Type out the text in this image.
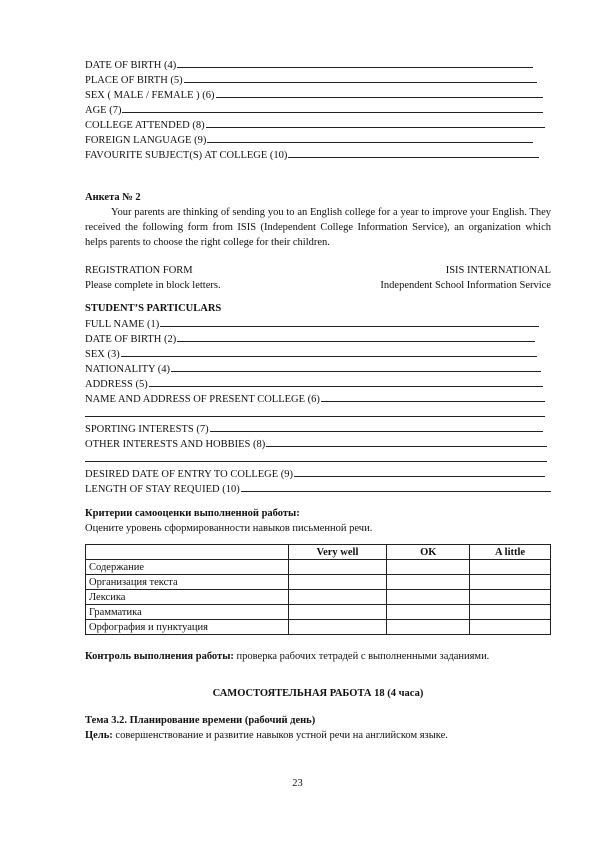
DATE OF BIRTH (4)
PLACE OF BIRTH (5)
SEX ( MALE / FEMALE ) (6)
AGE (7)
COLLEGE ATTENDED (8)
FOREIGN LANGUAGE (9)
FAVOURITE SUBJECT(S) AT COLLEGE (10)
Анкета № 2
Your parents are thinking of sending you to an English college for a year to improve your English. They received the following form from ISIS (Independent College Information Service), an organization which helps parents to choose the right college for their children.
REGISTRATION FORM	ISIS INTERNATIONAL
Please complete in block letters.	Independent School Information Service
STUDENT’S PARTICULARS
FULL NAME (1)
DATE OF BIRTH (2)
SEX (3)
NATIONALITY (4)
ADDRESS (5)
NAME AND ADDRESS OF PRESENT COLLEGE (6)
SPORTING INTERESTS (7)
OTHER INTERESTS AND HOBBIES (8)
DESIRED DATE OF ENTRY TO COLLEGE (9)
LENGTH OF STAY REQUIED (10)
Критерии самооценки выполненной работы:
Оцените уровень сформированности навыков письменной речи.
	Very well	OK	A little
Содержание			
Организация текста			
Лексика			
Грамматика			
Орфография и пунктуация			
Контроль выполнения работы: проверка рабочих тетрадей с выполненными заданиями.
САМОСТОЯТЕЛЬНАЯ РАБОТА 18 (4 часа)
Тема 3.2. Планирование времени (рабочий день)
Цель: совершенствование и развитие навыков устной речи на английском языке.
23
